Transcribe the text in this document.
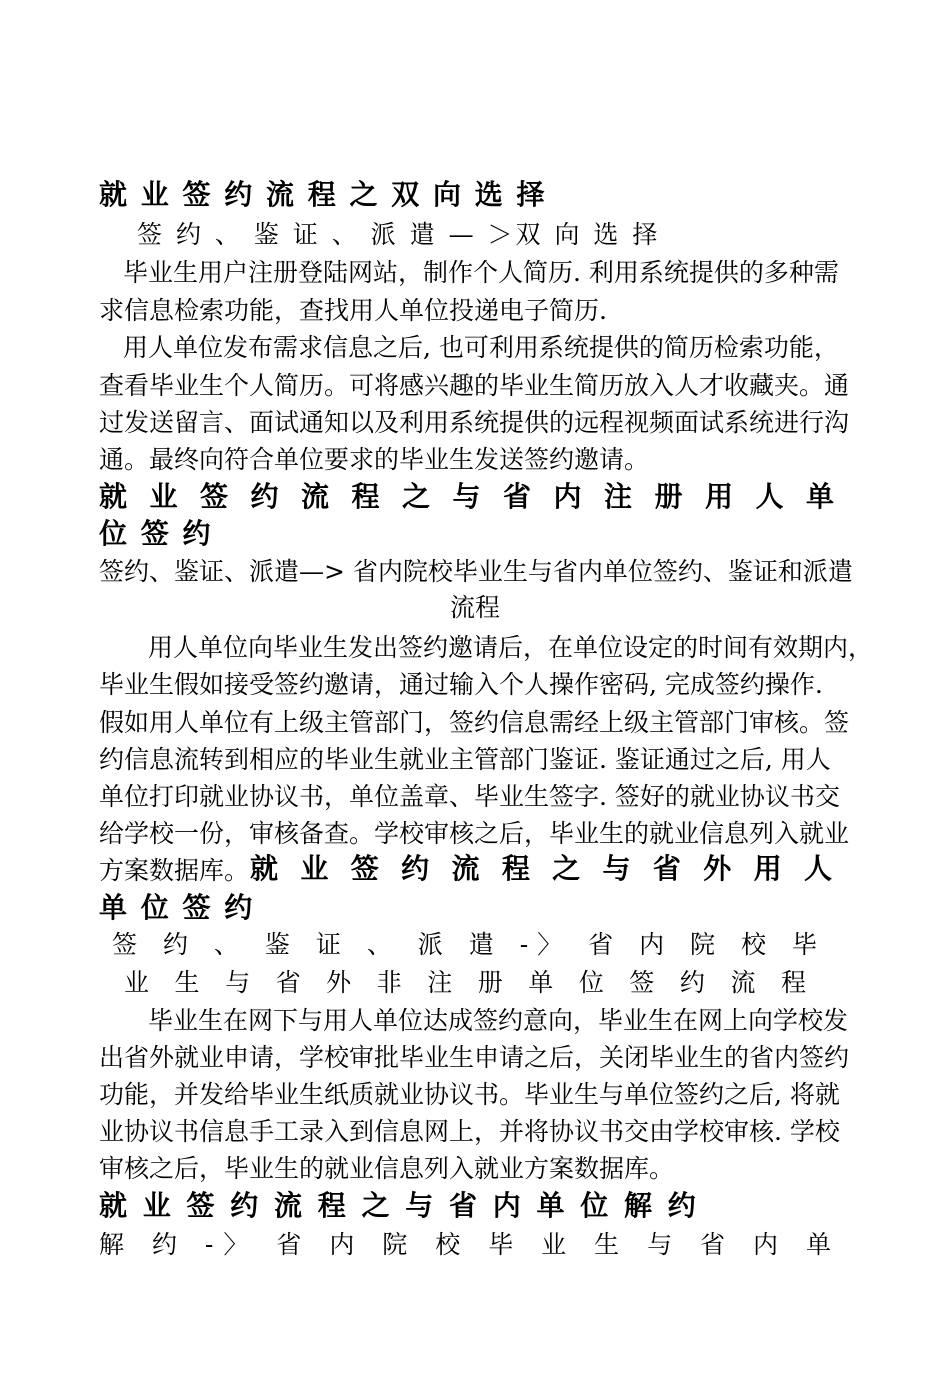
就 业 签 约 流 程 之 双 向 选 择
签 约 、 鉴 证 、 派 遣 — ＞双 向 选 择
毕业生用户注册登陆网站，制作个人简历. 利用系统提供的多种需
求信息检索功能，查找用人单位投递电子简历.
用人单位发布需求信息之后, 也可利用系统提供的简历检索功能，
查看毕业生个人简历。可将感兴趣的毕业生简历放入人才收藏夹。通
过发送留言、面试通知以及利用系统提供的远程视频面试系统进行沟
通。最终向符合单位要求的毕业生发送签约邀请。
就 业 签 约 流 程 之 与 省 内 注 册 用 人 单
位 签 约
签约、鉴证、派遣—> 省内院校毕业生与省内单位签约、鉴证和派遣
流程
用人单位向毕业生发出签约邀请后，在单位设定的时间有效期内，
毕业生假如接受签约邀请，通过输入个人操作密码, 完成签约操作.
假如用人单位有上级主管部门，签约信息需经上级主管部门审核。签
约信息流转到相应的毕业生就业主管部门鉴证. 鉴证通过之后, 用人
单位打印就业协议书，单位盖章、毕业生签字. 签好的就业协议书交
给学校一份，审核备查。学校审核之后，毕业生的就业信息列入就业
方案数据库。 就 业 签 约 流 程 之 与 省 外 用 人
单 位 签 约
签 约 、 鉴 证 、 派 遣 -〉 省 内 院 校 毕
业 生 与 省 外 非 注 册 单 位 签 约 流 程
毕业生在网下与用人单位达成签约意向，毕业生在网上向学校发
出省外就业申请，学校审批毕业生申请之后，关闭毕业生的省内签约
功能，并发给毕业生纸质就业协议书。毕业生与单位签约之后, 将就
业协议书信息手工录入到信息网上，并将协议书交由学校审核. 学校
审核之后，毕业生的就业信息列入就业方案数据库。
就 业 签 约 流 程 之 与 省 内 单 位 解 约
解 约 -〉 省 内 院 校 毕 业 生 与 省 内 单
